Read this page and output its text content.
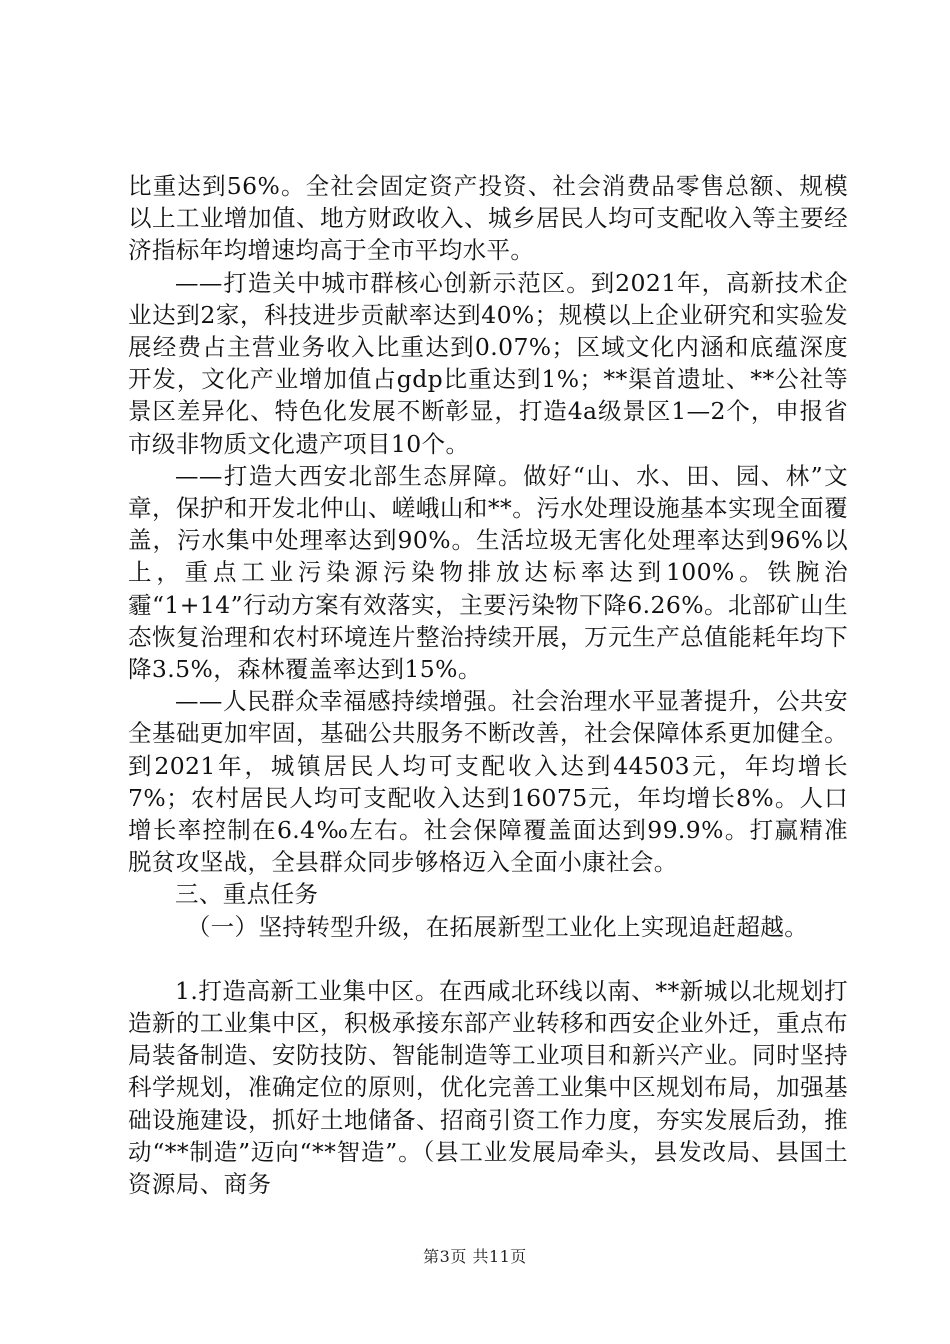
比重达到56%。全社会固定资产投资、社会消费品零售总额、规模以上工业增加值、地方财政收入、城乡居民人均可支配收入等主要经济指标年均增速均高于全市平均水平。

——打造关中城市群核心创新示范区。到2021年，高新技术企业达到2家，科技进步贡献率达到40%；规模以上企业研究和实验发展经费占主营业务收入比重达到0.07%；区域文化内涵和底蕴深度开发，文化产业增加值占gdp比重达到1%；**渠首遗址、**公社等景区差异化、特色化发展不断彰显，打造4a级景区1—2个，申报省市级非物质文化遗产项目10个。

——打造大西安北部生态屏障。做好“山、水、田、园、林”文章，保护和开发北仲山、嵯峨山和**。污水处理设施基本实现全面覆盖，污水集中处理率达到90%。生活垃圾无害化处理率达到96%以上，重点工业污染源污染物排放达标率达到100%。铁腕治霾“1+14”行动方案有效落实，主要污染物下降6.26%。北部矿山生态恢复治理和农村环境连片整治持续开展，万元生产总值能耗年均下降3.5%，森林覆盖率达到15%。

——人民群众幸福感持续增强。社会治理水平显著提升，公共安全基础更加牢固，基础公共服务不断改善，社会保障体系更加健全。到2021年，城镇居民人均可支配收入达到44503元，年均增长7%；农村居民人均可支配收入达到16075元，年均增长8%。人口增长率控制在6.4‰左右。社会保障覆盖面达到99.9%。打赢精准脱贫攻坚战，全县群众同步够格迈入全面小康社会。

三、重点任务

（一）坚持转型升级，在拓展新型工业化上实现追赶超越。

1.打造高新工业集中区。在西咸北环线以南、**新城以北规划打造新的工业集中区，积极承接东部产业转移和西安企业外迁，重点布局装备制造、安防技防、智能制造等工业项目和新兴产业。同时坚持科学规划，准确定位的原则，优化完善工业集中区规划布局，加强基础设施建设，抓好土地储备、招商引资工作力度，夯实发展后劲，推动“**制造”迈向“**智造”。（县工业发展局牵头，县发改局、县国土资源局、商务

第3页 共11页
